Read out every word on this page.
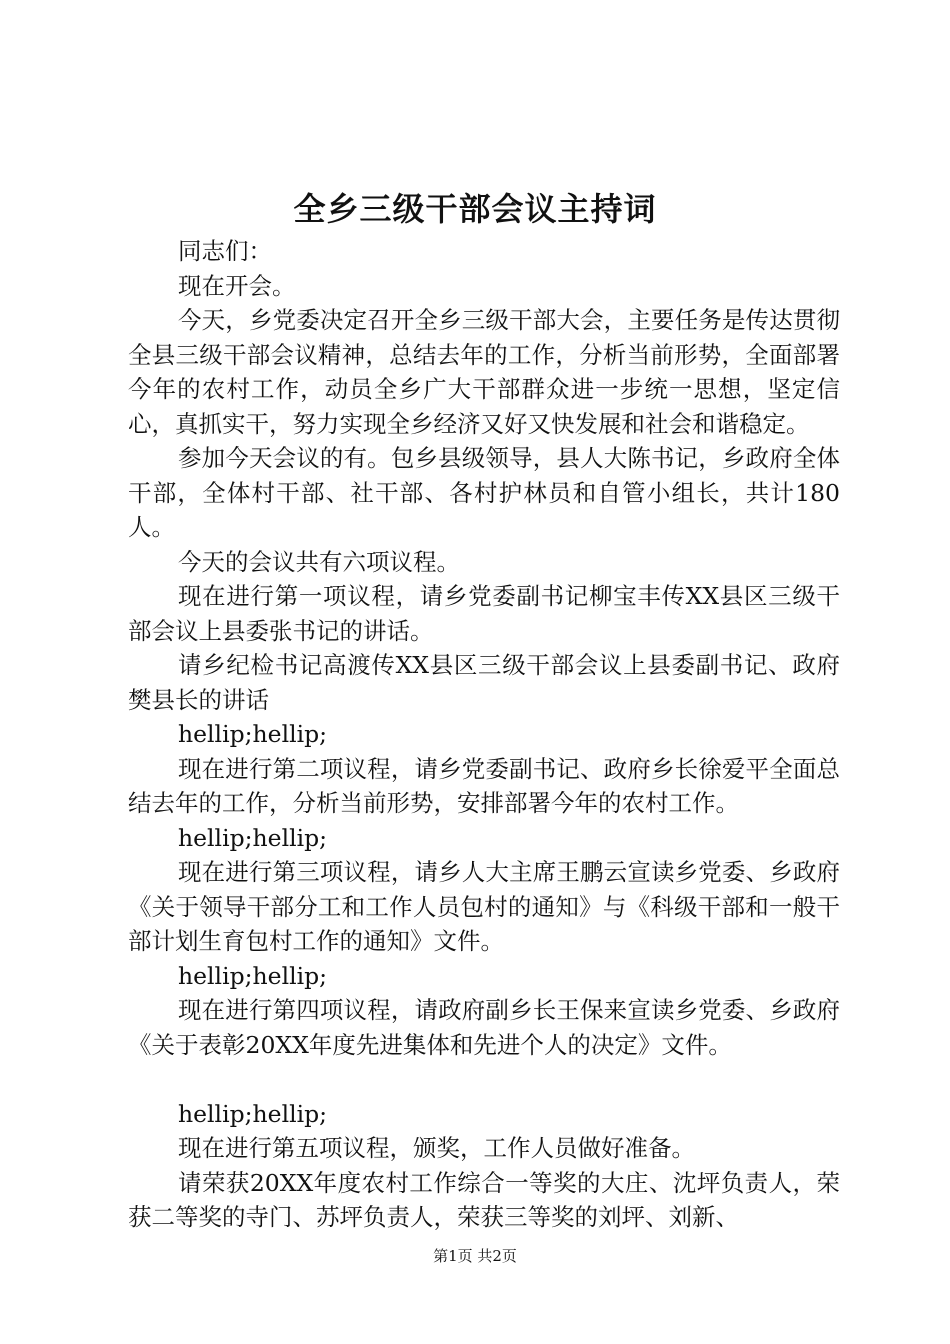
全乡三级干部会议主持词

同志们：

现在开会。

今天，乡党委决定召开全乡三级干部大会，主要任务是传达贯彻全县三级干部会议精神，总结去年的工作，分析当前形势，全面部署今年的农村工作，动员全乡广大干部群众进一步统一思想，坚定信心，真抓实干，努力实现全乡经济又好又快发展和社会和谐稳定。

参加今天会议的有。包乡县级领导，县人大陈书记，乡政府全体干部，全体村干部、社干部、各村护林员和自管小组长，共计180人。

今天的会议共有六项议程。

现在进行第一项议程，请乡党委副书记柳宝丰传XX县区三级干部会议上县委张书记的讲话。

请乡纪检书记高渡传XX县区三级干部会议上县委副书记、政府樊县长的讲话

hellip;hellip;

现在进行第二项议程，请乡党委副书记、政府乡长徐爱平全面总结去年的工作，分析当前形势，安排部署今年的农村工作。

hellip;hellip;

现在进行第三项议程，请乡人大主席王鹏云宣读乡党委、乡政府《关于领导干部分工和工作人员包村的通知》与《科级干部和一般干部计划生育包村工作的通知》文件。

hellip;hellip;

现在进行第四项议程，请政府副乡长王保来宣读乡党委、乡政府《关于表彰20XX年度先进集体和先进个人的决定》文件。

hellip;hellip;

现在进行第五项议程，颁奖，工作人员做好准备。

请荣获20XX年度农村工作综合一等奖的大庄、沈坪负责人，荣获二等奖的寺门、苏坪负责人，荣获三等奖的刘坪、刘新、

第1页 共2页
